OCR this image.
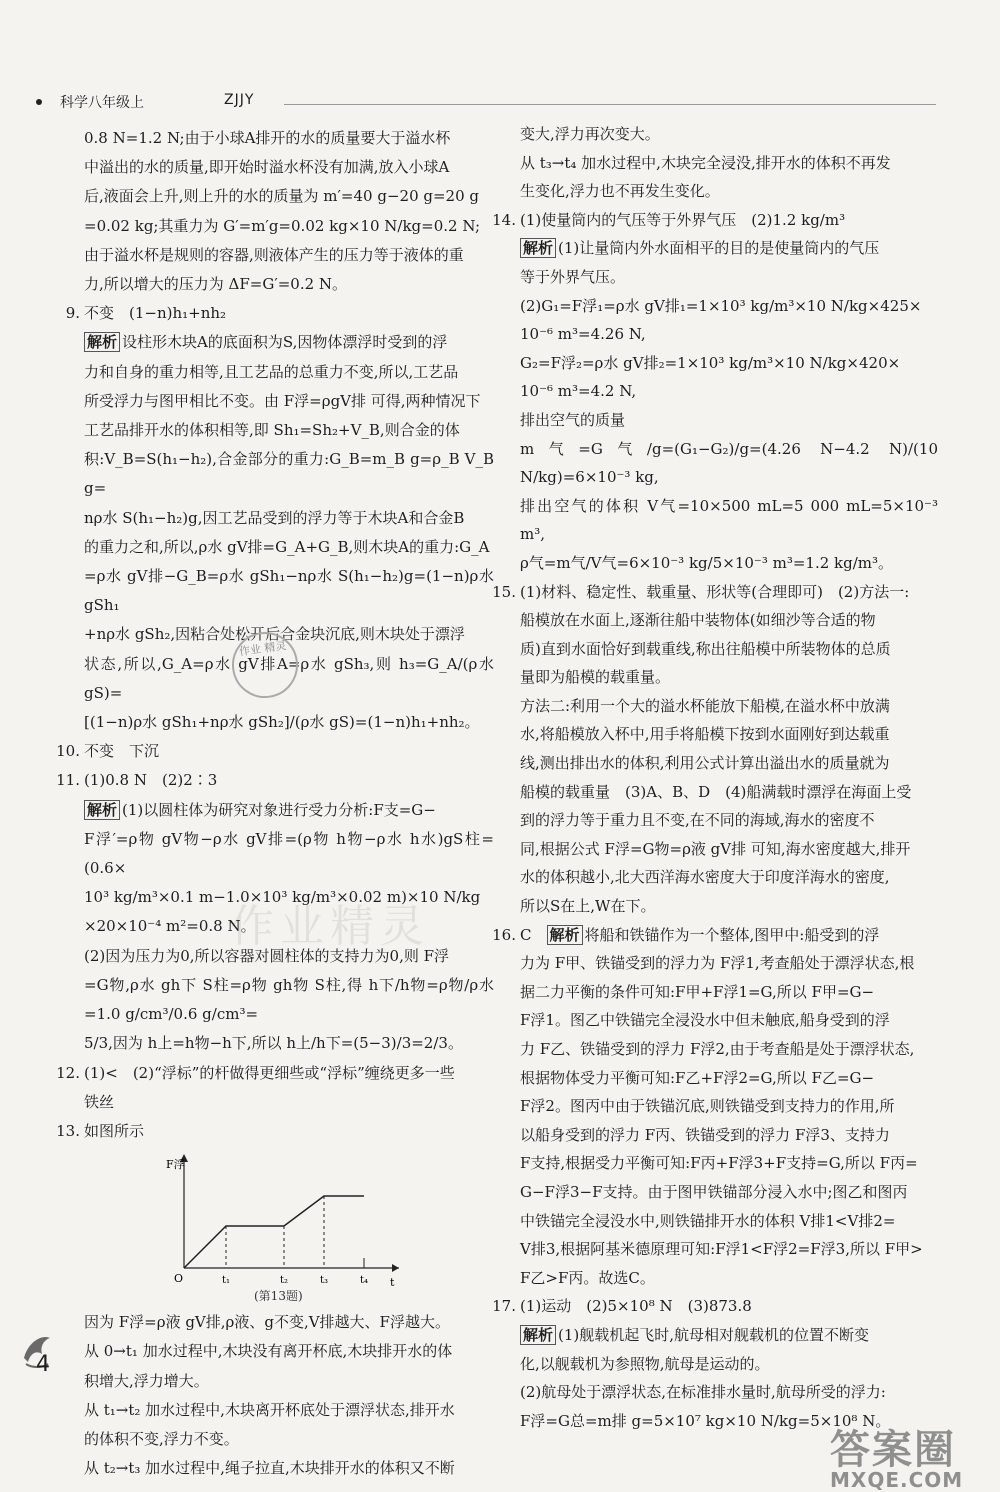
科学八年级上	ZJJY

0.8 N=1.2 N;由于小球A排开的水的质量要大于溢水杯

中溢出的水的质量,即开始时溢水杯没有加满,放入小球A

后,液面会上升,则上升的水的质量为 m′=40 g−20 g=20 g

=0.02 kg;其重力为 G′=m′g=0.02 kg×10 N/kg=0.2 N;

由于溢水杯是规则的容器,则液体产生的压力等于液体的重

力,所以增大的压力为 ΔF=G′=0.2 N。

9. 不变　(1−n)h₁+nh₂

解析 设柱形木块A的底面积为S,因物体漂浮时受到的浮

力和自身的重力相等,且工艺品的总重力不变,所以,工艺品

所受浮力与图甲相比不变。由 F浮=ρgV排 可得,两种情况下

工艺品排开水的体积相等,即 Sh₁=Sh₂+V_B,则合金的体

积:V_B=S(h₁−h₂),合金部分的重力:G_B=m_B g=ρ_B V_B g=

nρ水 S(h₁−h₂)g,因工艺品受到的浮力等于木块A和合金B

的重力之和,所以,ρ水 gV排=G_A+G_B,则木块A的重力:G_A

=ρ水 gV排−G_B=ρ水 gSh₁−nρ水 S(h₁−h₂)g=(1−n)ρ水 gSh₁

+nρ水 gSh₂,因粘合处松开后合金块沉底,则木块处于漂浮

状态,所以,G_A=ρ水 gV排A=ρ水 gSh₃,则 h₃=G_A/(ρ水 gS)=

[(1−n)ρ水 gSh₁+nρ水 gSh₂]/(ρ水 gS)=(1−n)h₁+nh₂。

10. 不变　下沉

11. (1)0.8 N　(2)2∶3

解析 (1)以圆柱体为研究对象进行受力分析:F支=G−

F浮′=ρ物 gV物−ρ水 gV排=(ρ物 h物−ρ水 h水)gS柱=(0.6×

10³ kg/m³×0.1 m−1.0×10³ kg/m³×0.02 m)×10 N/kg

×20×10⁻⁴ m²=0.8 N。

(2)因为压力为0,所以容器对圆柱体的支持力为0,则 F浮

=G物,ρ水 gh下 S柱=ρ物 gh物 S柱,得 h下/h物=ρ物/ρ水=1.0 g/cm³/0.6 g/cm³=

5/3,因为 h上=h物−h下,所以 h上/h下=(5−3)/3=2/3。

12. (1)<　(2)“浮标”的杆做得更细些或“浮标”缠绕更多一些

铁丝

13. 如图所示

F浮
t
O	t₁	t₂	t₃	t₄
(第13题)

因为 F浮=ρ液 gV排,ρ液、g不变,V排越大、F浮越大。

从 0→t₁ 加水过程中,木块没有离开杯底,木块排开水的体

积增大,浮力增大。

从 t₁→t₂ 加水过程中,木块离开杯底处于漂浮状态,排开水

的体积不变,浮力不变。

从 t₂→t₃ 加水过程中,绳子拉直,木块排开水的体积又不断

变大,浮力再次变大。

从 t₃→t₄ 加水过程中,木块完全浸没,排开水的体积不再发

生变化,浮力也不再发生变化。

14. (1)使量筒内的气压等于外界气压　(2)1.2 kg/m³

解析 (1)让量筒内外水面相平的目的是使量筒内的气压

等于外界气压。

(2)G₁=F浮₁=ρ水 gV排₁=1×10³ kg/m³×10 N/kg×425×

10⁻⁶ m³=4.26 N,

G₂=F浮₂=ρ水 gV排₂=1×10³ kg/m³×10 N/kg×420×

10⁻⁶ m³=4.2 N,

排出空气的质量

m气=G气/g=(G₁−G₂)/g=(4.26 N−4.2 N)/(10 N/kg)=6×10⁻³ kg,

排出空气的体积 V气=10×500 mL=5 000 mL=5×10⁻³ m³,

ρ气=m气/V气=6×10⁻³ kg/5×10⁻³ m³=1.2 kg/m³。

15. (1)材料、稳定性、载重量、形状等(合理即可)　(2)方法一:

船模放在水面上,逐渐往船中装物体(如细沙等合适的物

质)直到水面恰好到载重线,称出往船模中所装物体的总质

量即为船模的载重量。

方法二:利用一个大的溢水杯能放下船模,在溢水杯中放满

水,将船模放入杯中,用手将船模下按到水面刚好到达载重

线,测出排出水的体积,利用公式计算出溢出水的质量就为

船模的载重量　(3)A、B、D　(4)船满载时漂浮在海面上受

到的浮力等于重力且不变,在不同的海域,海水的密度不

同,根据公式 F浮=G物=ρ液 gV排 可知,海水密度越大,排开

水的体积越小,北大西洋海水密度大于印度洋海水的密度,

所以S在上,W在下。

16. C　 解析 将船和铁锚作为一个整体,图甲中:船受到的浮

力为 F甲、铁锚受到的浮力为 F浮1,考查船处于漂浮状态,根

据二力平衡的条件可知:F甲+F浮1=G,所以 F甲=G−

F浮1。图乙中铁锚完全浸没水中但未触底,船身受到的浮

力 F乙、铁锚受到的浮力 F浮2,由于考查船是处于漂浮状态,

根据物体受力平衡可知:F乙+F浮2=G,所以 F乙=G−

F浮2。图丙中由于铁锚沉底,则铁锚受到支持力的作用,所

以船身受到的浮力 F丙、铁锚受到的浮力 F浮3、支持力

F支持,根据受力平衡可知:F丙+F浮3+F支持=G,所以 F丙=

G−F浮3−F支持。由于图甲铁锚部分浸入水中;图乙和图丙

中铁锚完全浸没水中,则铁锚排开水的体积 V排1<V排2=

V排3,根据阿基米德原理可知:F浮1<F浮2=F浮3,所以 F甲>

F乙>F丙。故选C。

17. (1)运动　(2)5×10⁸ N　(3)873.8

解析 (1)舰载机起飞时,航母相对舰载机的位置不断变

化,以舰载机为参照物,航母是运动的。

(2)航母处于漂浮状态,在标准排水量时,航母所受的浮力:

F浮=G总=m排 g=5×10⁷ kg×10 N/kg=5×10⁸ N。

作业 精灵
作业精灵
4
答案圈
MXQE.COM
